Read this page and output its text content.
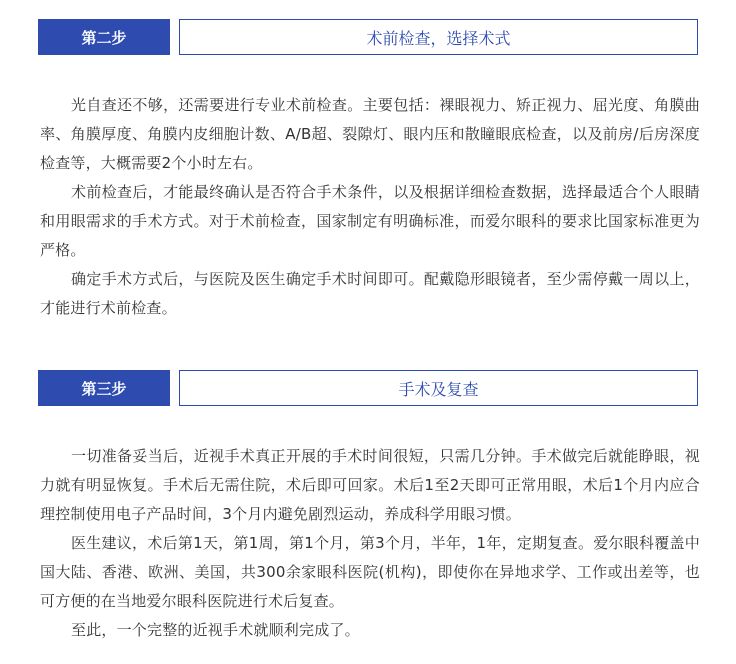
第二步	术前检查，选择术式

光自查还不够，还需要进行专业术前检查。主要包括：裸眼视力、矫正视力、屈光度、角膜曲率、角膜厚度、角膜内皮细胞计数、A/B超、裂隙灯、眼内压和散瞳眼底检查，以及前房/后房深度检查等，大概需要2个小时左右。

术前检查后，才能最终确认是否符合手术条件，以及根据详细检查数据，选择最适合个人眼睛和用眼需求的手术方式。对于术前检查，国家制定有明确标准，而爱尔眼科的要求比国家标准更为严格。

确定手术方式后，与医院及医生确定手术时间即可。配戴隐形眼镜者，至少需停戴一周以上，才能进行术前检查。

第三步	手术及复查

一切准备妥当后，近视手术真正开展的手术时间很短，只需几分钟。手术做完后就能睁眼，视力就有明显恢复。手术后无需住院，术后即可回家。术后1至2天即可正常用眼，术后1个月内应合理控制使用电子产品时间，3个月内避免剧烈运动，养成科学用眼习惯。

医生建议，术后第1天，第1周，第1个月，第3个月，半年，1年，定期复查。爱尔眼科覆盖中国大陆、香港、欧洲、美国，共300余家眼科医院(机构)，即使你在异地求学、工作或出差等，也可方便的在当地爱尔眼科医院进行术后复查。

至此，一个完整的近视手术就顺利完成了。
